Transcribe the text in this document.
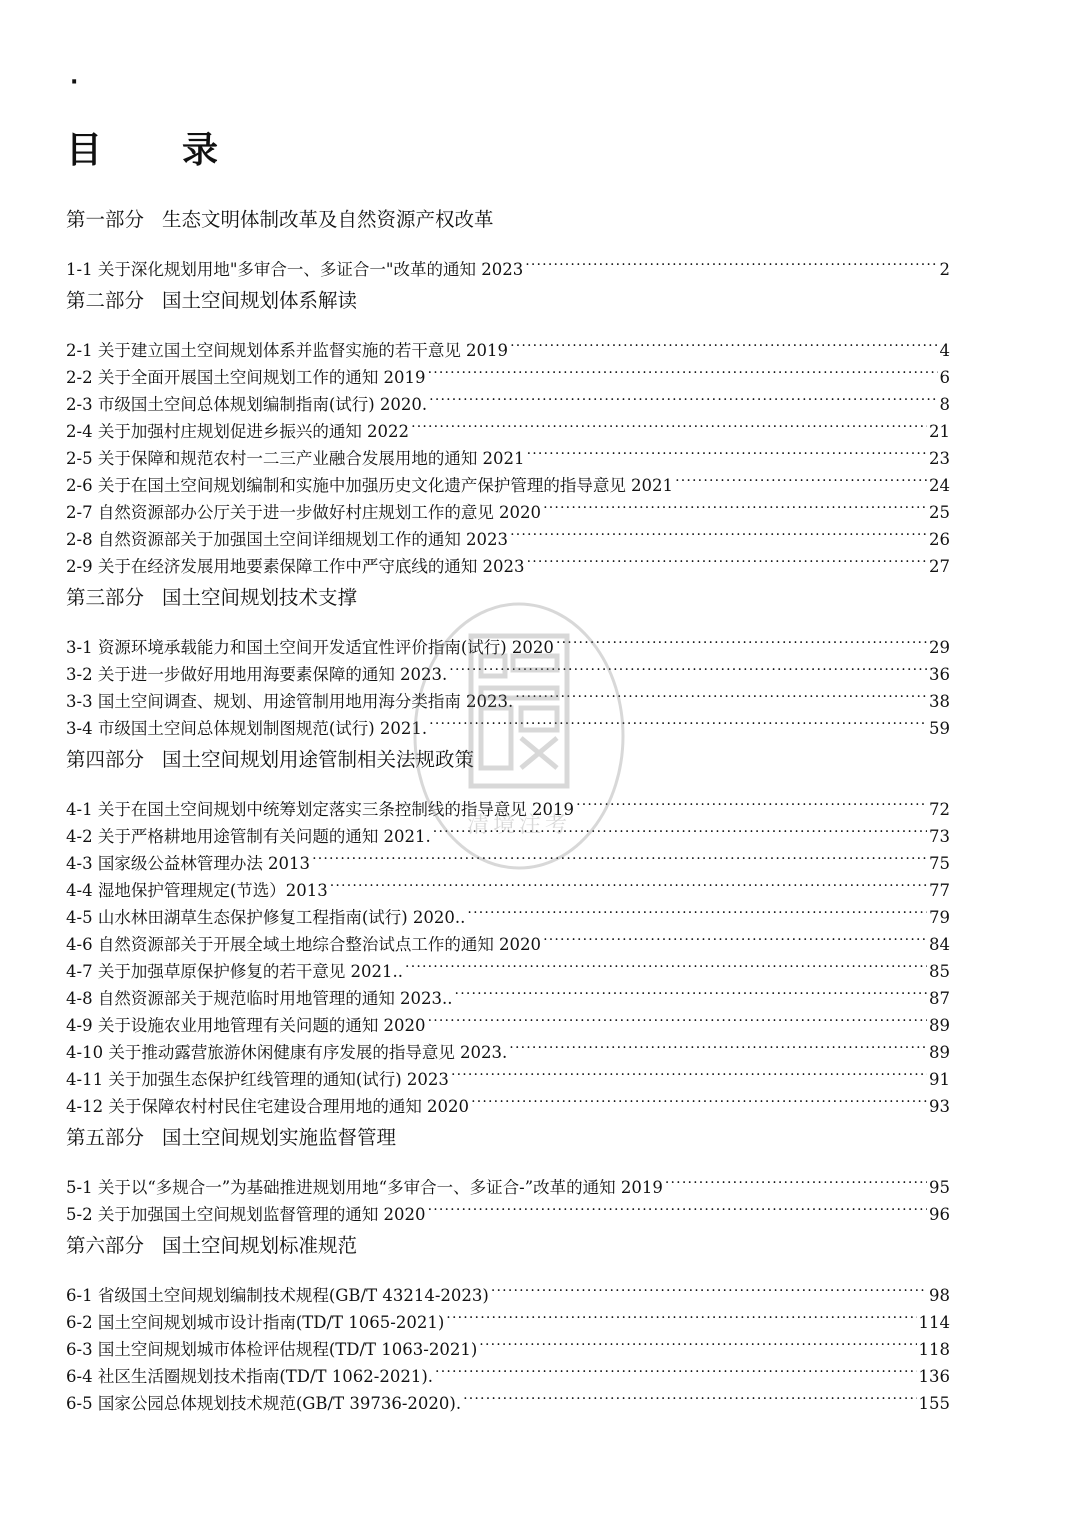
·
目 录
第一部分 生态文明体制改革及自然资源产权改革
1-1 关于深化规划用地"多审合一、多证合一"改革的通知 2023 .....	2
第二部分 国土空间规划体系解读
2-1 关于建立国土空间规划体系并监督实施的若干意见 2019 .....	4
2-2 关于全面开展国土空间规划工作的通知 2019 .....	6
2-3 市级国土空间总体规划编制指南(试行) 2020. .....	8
2-4 关于加强村庄规划促进乡振兴的通知 2022 .....	21
2-5 关于保障和规范农村一二三产业融合发展用地的通知 2021 .....	23
2-6 关于在国土空间规划编制和实施中加强历史文化遗产保护管理的指导意见 2021 .....	24
2-7 自然资源部办公厅关于进一步做好村庄规划工作的意见 2020 .....	25
2-8 自然资源部关于加强国土空间详细规划工作的通知 2023 .....	26
2-9 关于在经济发展用地要素保障工作中严守底线的通知 2023 .....	27
第三部分 国土空间规划技术支撑
3-1 资源环境承载能力和国土空间开发适宜性评价指南(试行) 2020 .....	29
3-2 关于进一步做好用地用海要素保障的通知 2023. .....	36
3-3 国土空间调查、规划、用途管制用地用海分类指南 2023. .....	38
3-4 市级国土空间总体规划制图规范(试行) 2021. .....	59
第四部分 国土空间规划用途管制相关法规政策
4-1 关于在国土空间规划中统筹划定落实三条控制线的指导意见 2019 .....	72
4-2 关于严格耕地用途管制有关问题的通知 2021. .....	73
4-3 国家级公益林管理办法 2013 .....	75
4-4 湿地保护管理规定(节选）2013 .....	77
4-5 山水林田湖草生态保护修复工程指南(试行) 2020.. .....	79
4-6 自然资源部关于开展全域土地综合整治试点工作的通知 2020 .....	84
4-7 关于加强草原保护修复的若干意见 2021.. .....	85
4-8 自然资源部关于规范临时用地管理的通知 2023.. .....	87
4-9 关于设施农业用地管理有关问题的通知 2020 .....	89
4-10 关于推动露营旅游休闲健康有序发展的指导意见 2023. .....	89
4-11 关于加强生态保护红线管理的通知(试行) 2023 .....	91
4-12 关于保障农村村民住宅建设合理用地的通知 2020 .....	93
第五部分 国土空间规划实施监督管理
5-1 关于以“多规合一”为基础推进规划用地“多审合一、多证合-”改革的通知 2019 .....	95
5-2 关于加强国土空间规划监督管理的通知 2020 .....	96
第六部分 国土空间规划标准规范
6-1 省级国土空间规划编制技术规程(GB/T 43214-2023) .....	98
6-2 国土空间规划城市设计指南(TD/T 1065-2021) .....	114
6-3 国土空间规划城市体检评估规程(TD/T 1063-2021) .....	118
6-4 社区生活圈规划技术指南(TD/T 1062-2021). .....	136
6-5 国家公园总体规划技术规范(GB/T 39736-2020). .....	155
清境注考
